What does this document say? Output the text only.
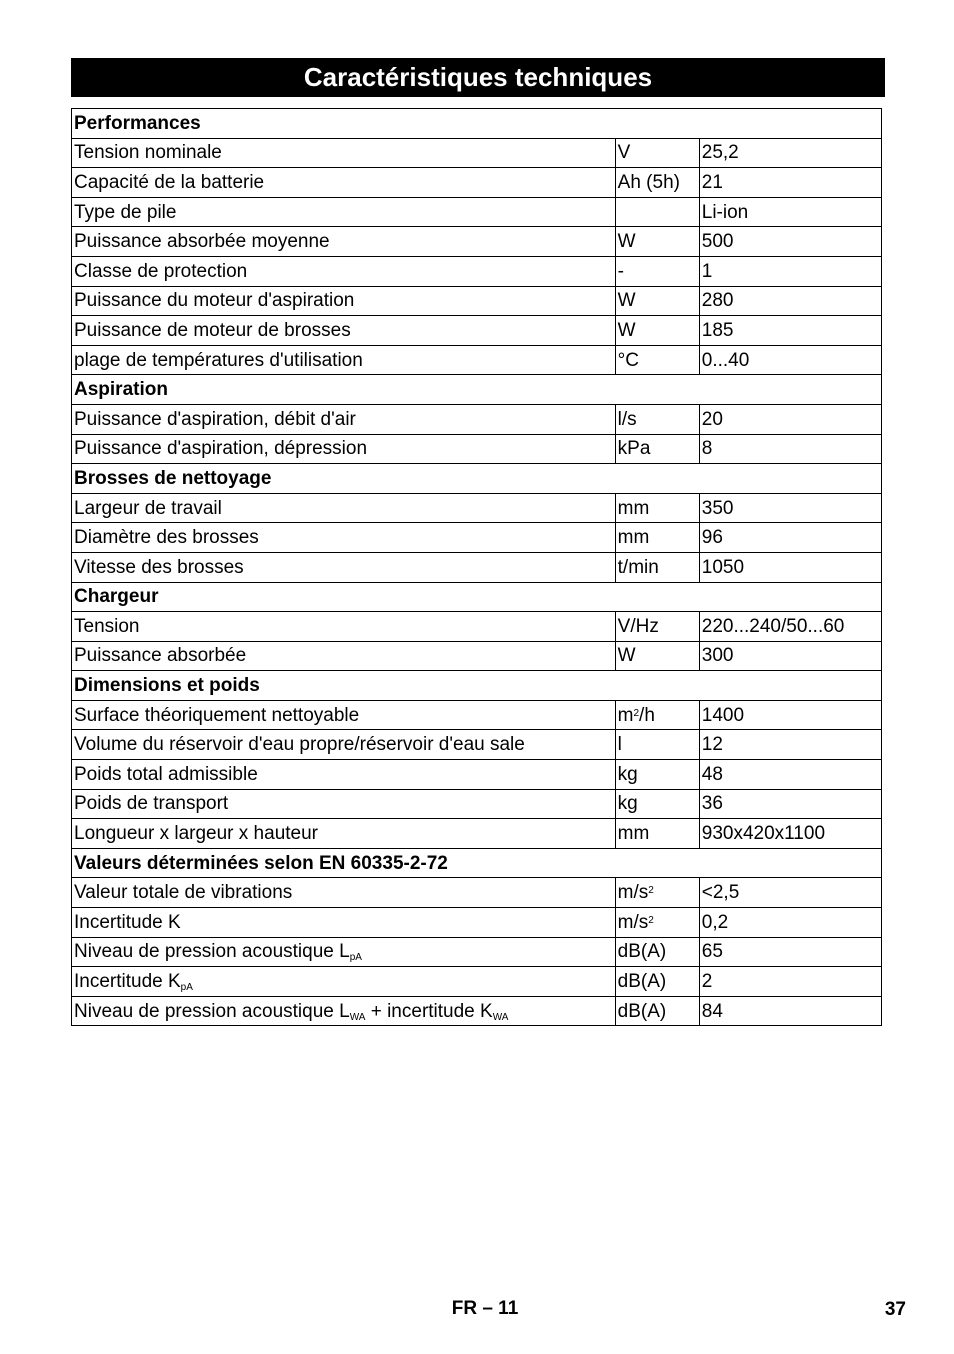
Caractéristiques techniques
Performances		
Tension nominale	V	25,2
Capacité de la batterie	Ah (5h)	21
Type de pile		Li-ion
Puissance absorbée moyenne	W	500
Classe de protection	-	1
Puissance du moteur d'aspiration	W	280
Puissance de moteur de brosses	W	185
plage de températures d'utilisation	°C	0...40
Aspiration		
Puissance d'aspiration, débit d'air	l/s	20
Puissance d'aspiration, dépression	kPa	8
Brosses de nettoyage		
Largeur de travail	mm	350
Diamètre des brosses	mm	96
Vitesse des brosses	t/min	1050
Chargeur		
Tension	V/Hz	220...240/50...60
Puissance absorbée	W	300
Dimensions et poids		
Surface théoriquement nettoyable	$m^2/h$	1400
Volume du réservoir d'eau propre/réservoir d'eau sale	l	12
Poids total admissible	kg	48
Poids de transport	kg	36
Longueur x largeur x hauteur	mm	930x420x1100
Valeurs déterminées selon EN 60335-2-72		
Valeur totale de vibrations	$m/s^2$	<2,5
Incertitude K	$m/s^2$	0,2
Niveau de pression acoustique $L_{pA}$	dB(A)	65
Incertitude $K_{pA}$	dB(A)	2
Niveau de pression acoustique $L_{WA}$ + incertitude $K_{WA}$	dB(A)	84
FR – 11	37
